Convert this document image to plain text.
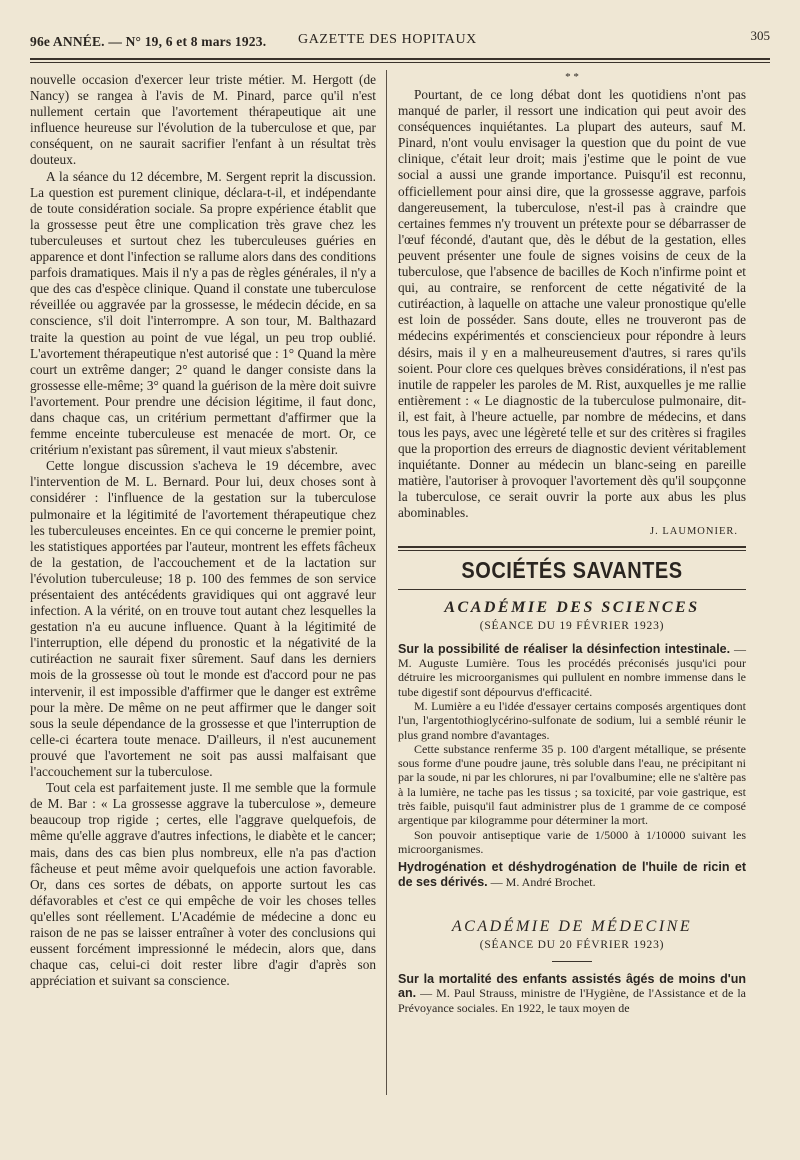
96e ANNÉE. — N° 19, 6 et 8 mars 1923. GAZETTE DES HOPITAUX	305

nouvelle occasion d'exercer leur triste métier. M. Hergott (de Nancy) se rangea à l'avis de M. Pinard, parce qu'il n'est nullement certain que l'avortement thérapeutique ait une influence heureuse sur l'évolution de la tuberculose et que, par conséquent, on ne saurait sacrifier l'enfant à un résultat très douteux.

A la séance du 12 décembre, M. Sergent reprit la discussion. La question est purement clinique, déclara-t-il, et indépendante de toute considération sociale. Sa propre expérience établit que la grossesse peut être une complication très grave chez les tuberculeuses et surtout chez les tuberculeuses guéries en apparence et dont l'infection se rallume alors dans des conditions parfois dramatiques. Mais il n'y a pas de règles générales, il n'y a que des cas d'espèce clinique. Quand il constate une tuberculose réveillée ou aggravée par la grossesse, le médecin décide, en sa conscience, s'il doit l'interrompre. A son tour, M. Balthazard traite la question au point de vue légal, un peu trop oublié. L'avortement thérapeutique n'est autorisé que : 1° Quand la mère court un extrême danger; 2° quand le danger consiste dans la grossesse elle-même; 3° quand la guérison de la mère doit suivre l'avortement. Pour prendre une décision légitime, il faut donc, dans chaque cas, un critérium permettant d'affirmer que la femme enceinte tuberculeuse est menacée de mort. Or, ce critérium n'existant pas sûrement, il vaut mieux s'abstenir.

Cette longue discussion s'acheva le 19 décembre, avec l'intervention de M. L. Bernard. Pour lui, deux choses sont à considérer : l'influence de la gestation sur la tuberculose pulmonaire et la légitimité de l'avortement thérapeutique chez les tuberculeuses enceintes. En ce qui concerne le premier point, les statistiques apportées par l'auteur, montrent les effets fâcheux de la gestation, de l'accouchement et de la lactation sur l'évolution tuberculeuse; 18 p. 100 des femmes de son service présentaient des antécédents gravidiques qui ont aggravé leur infection. A la vérité, on en trouve tout autant chez lesquelles la gestation n'a eu aucune influence. Quant à la légitimité de l'interruption, elle dépend du pronostic et la négativité de la cutiréaction ne saurait fixer sûrement. Sauf dans les derniers mois de la grossesse où tout le monde est d'accord pour ne pas intervenir, il est impossible d'affirmer que le danger est extrême pour la mère. De même on ne peut affirmer que le danger soit sous la seule dépendance de la grossesse et que l'interruption de celle-ci écartera toute menace. D'ailleurs, il n'est aucunement prouvé que l'avortement ne soit pas aussi malfaisant que l'accouchement sur la tuberculose.

Tout cela est parfaitement juste. Il me semble que la formule de M. Bar : « La grossesse aggrave la tuberculose », demeure beaucoup trop rigide ; certes, elle l'aggrave quelquefois, de même qu'elle aggrave d'autres infections, le diabète et le cancer; mais, dans des cas bien plus nombreux, elle n'a pas d'action fâcheuse et peut même avoir quelquefois une action favorable. Or, dans ces sortes de débats, on apporte surtout les cas défavorables et c'est ce qui empêche de voir les choses telles qu'elles sont réellement. L'Académie de médecine a donc eu raison de ne pas se laisser entraîner à voter des conclusions qui eussent forcément impressionné le médecin, alors que, dans chaque cas, celui-ci doit rester libre d'agir d'après son appréciation et suivant sa conscience.

* *

Pourtant, de ce long débat dont les quotidiens n'ont pas manqué de parler, il ressort une indication qui peut avoir des conséquences inquiétantes. La plupart des auteurs, sauf M. Pinard, n'ont voulu envisager la question que du point de vue clinique, c'était leur droit; mais j'estime que le point de vue social a aussi une grande importance. Puisqu'il est reconnu, officiellement pour ainsi dire, que la grossesse aggrave, parfois dangereusement, la tuberculose, n'est-il pas à craindre que certaines femmes n'y trouvent un prétexte pour se débarrasser de l'œuf fécondé, d'autant que, dès le début de la gestation, elles peuvent présenter une foule de signes voisins de ceux de la tuberculose, que l'absence de bacilles de Koch n'infirme point et qui, au contraire, se renforcent de cette négativité de la cutiréaction, à laquelle on attache une valeur pronostique qu'elle est loin de posséder. Sans doute, elles ne trouveront pas de médecins expérimentés et consciencieux pour répondre à leurs désirs, mais il y en a malheureusement d'autres, si rares qu'ils soient. Pour clore ces quelques brèves considérations, il n'est pas inutile de rappeler les paroles de M. Rist, auxquelles je me rallie entièrement : « Le diagnostic de la tuberculose pulmonaire, dit-il, est fait, à l'heure actuelle, par nombre de médecins, et dans tous les pays, avec une légèreté telle et sur des critères si fragiles que la proportion des erreurs de diagnostic devient véritablement inquiétante. Donner au médecin un blanc-seing en pareille matière, l'autoriser à provoquer l'avortement dès qu'il soupçonne la tuberculose, ce serait ouvrir la porte aux abus les plus abominables.

J. LAUMONIER.
SOCIÉTÉS SAVANTES
ACADÉMIE DES SCIENCES
(SÉANCE DU 19 FÉVRIER 1923)

Sur la possibilité de réaliser la désinfection intestinale. — M. Auguste Lumière. Tous les procédés préconisés jusqu'ici pour détruire les microorganismes qui pullulent en nombre immense dans le tube digestif sont dépourvus d'efficacité.

M. Lumière a eu l'idée d'essayer certains composés argentiques dont l'un, l'argentothioglycérino-sulfonate de sodium, lui a semblé réunir le plus grand nombre d'avantages.

Cette substance renferme 35 p. 100 d'argent métallique, se présente sous forme d'une poudre jaune, très soluble dans l'eau, ne précipitant ni par la soude, ni par les chlorures, ni par l'ovalbumine; elle ne s'altère pas à la lumière, ne tache pas les tissus ; sa toxicité, par voie gastrique, est très faible, puisqu'il faut administrer plus de 1 gramme de ce composé argentique par kilogramme pour déterminer la mort.

Son pouvoir antiseptique varie de 1/5000 à 1/10000 suivant les microorganismes.

Hydrogénation et déshydrogénation de l'huile de ricin et de ses dérivés. — M. André Brochet.

ACADÉMIE DE MÉDECINE
(SÉANCE DU 20 FÉVRIER 1923)

Sur la mortalité des enfants assistés âgés de moins d'un an. — M. Paul Strauss, ministre de l'Hygiène, de l'Assistance et de la Prévoyance sociales. En 1922, le taux moyen de
